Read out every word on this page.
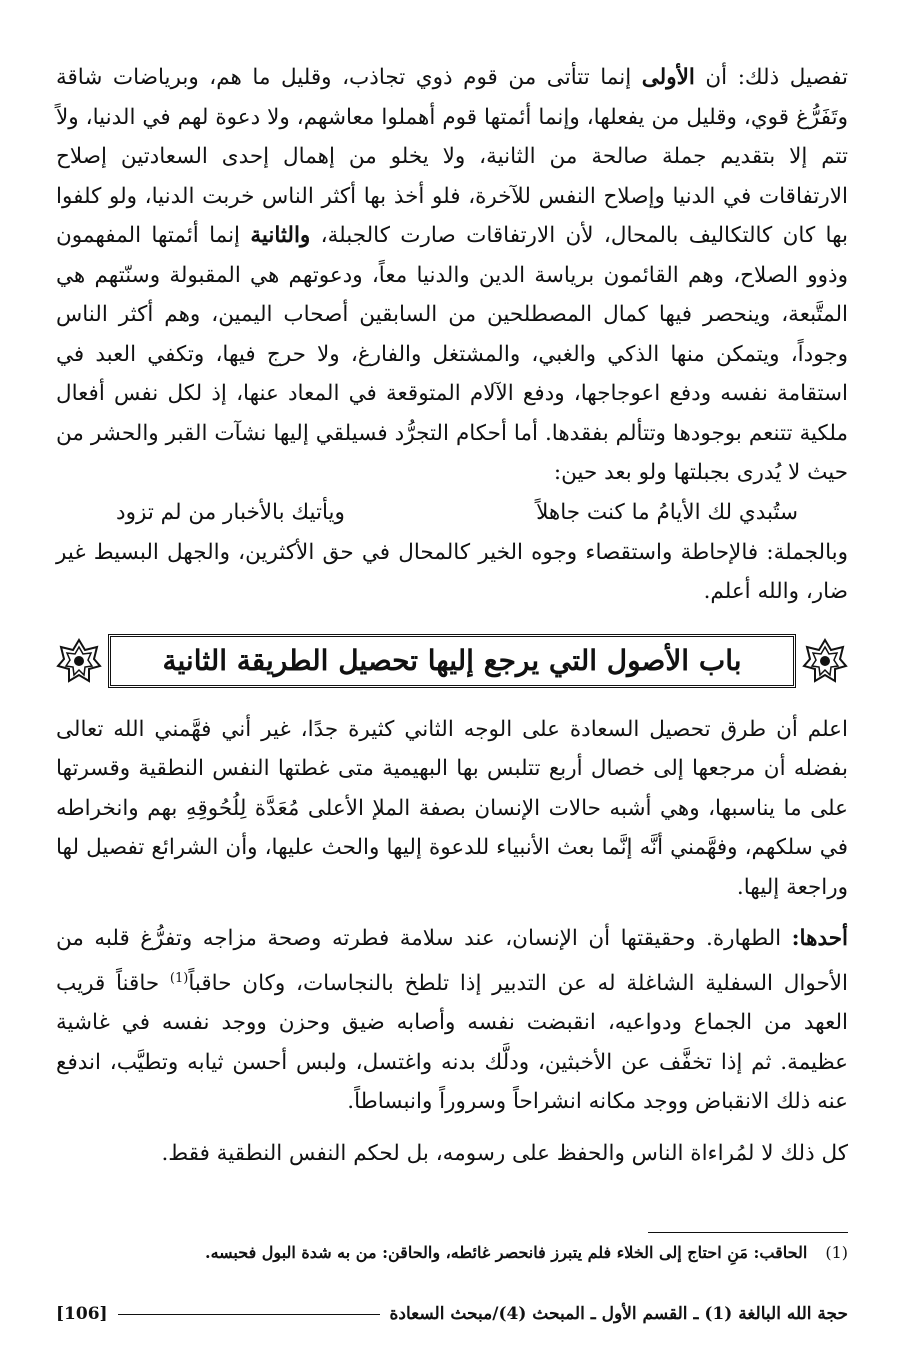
تفصيل ذلك: أن الأولى إنما تتأتى من قوم ذوي تجاذب، وقليل ما هم، وبرياضات شاقة وتَفَرُّغ قوي، وقليل من يفعلها، وإنما أئمتها قوم أهملوا معاشهم، ولا دعوة لهم في الدنيا، ولاً تتم إلا بتقديم جملة صالحة من الثانية، ولا يخلو من إهمال إحدى السعادتين إصلاح الارتفاقات في الدنيا وإصلاح النفس للآخرة، فلو أخذ بها أكثر الناس خربت الدنيا، ولو كلفوا بها كان كالتكاليف بالمحال، لأن الارتفاقات صارت كالجبلة، والثانية إنما أئمتها المفهمون وذوو الصلاح، وهم القائمون برياسة الدين والدنيا معاً، ودعوتهم هي المقبولة وسنّتهم هي المتَّبعة، وينحصر فيها كمال المصطلحين من السابقين أصحاب اليمين، وهم أكثر الناس وجوداً، ويتمكن منها الذكي والغبي، والمشتغل والفارغ، ولا حرج فيها، وتكفي العبد في استقامة نفسه ودفع اعوجاجها، ودفع الآلام المتوقعة في المعاد عنها، إذ لكل نفس أفعال ملكية تتنعم بوجودها وتتألم بفقدها. أما أحكام التجرُّد فسيلقي إليها نشآت القبر والحشر من حيث لا يُدرى بجبلتها ولو بعد حين:

ستُبدي لك الأيامُ ما كنت جاهلاً
ويأتيك بالأخبار من لم تزود

وبالجملة: فالإحاطة واستقصاء وجوه الخير كالمحال في حق الأكثرين، والجهل البسيط غير ضار، والله أعلم.

باب الأصول التي يرجع إليها تحصيل الطريقة الثانية

اعلم أن طرق تحصيل السعادة على الوجه الثاني كثيرة جدًا، غير أني فهَّمني الله تعالى بفضله أن مرجعها إلى خصال أربع تتلبس بها البهيمية متى غطتها النفس النطقية وقسرتها على ما يناسبها، وهي أشبه حالات الإنسان بصفة الملإ الأعلى مُعَدَّة لِلُحُوقِهِ بهم وانخراطه في سلكهم، وفهَّمني أنَّه إنَّما بعث الأنبياء للدعوة إليها والحث عليها، وأن الشرائع تفصيل لها وراجعة إليها.

أحدها: الطهارة. وحقيقتها أن الإنسان، عند سلامة فطرته وصحة مزاجه وتفرُّغ قلبه من الأحوال السفلية الشاغلة له عن التدبير إذا تلطخ بالنجاسات، وكان حاقباً$^{(1)}$ حاقناً قريب العهد من الجماع ودواعيه، انقبضت نفسه وأصابه ضيق وحزن ووجد نفسه في غاشية عظيمة. ثم إذا تخفَّف عن الأخبثين، ودلَّك بدنه واغتسل، ولبس أحسن ثيابه وتطيَّب، اندفع عنه ذلك الانقباض ووجد مكانه انشراحاً وسروراً وانبساطاً.

كل ذلك لا لمُراءاة الناس والحفظ على رسومه، بل لحكم النفس النطقية فقط.

(1)الحاقب: مَنِ احتاج إلى الخلاء فلم يتبرز فانحصر غائطه، والحاقن: من به شدة البول فحبسه.
حجة الله البالغة (1) ـ القسم الأول ـ المبحث (4)/مبحث السعادة
[106]
